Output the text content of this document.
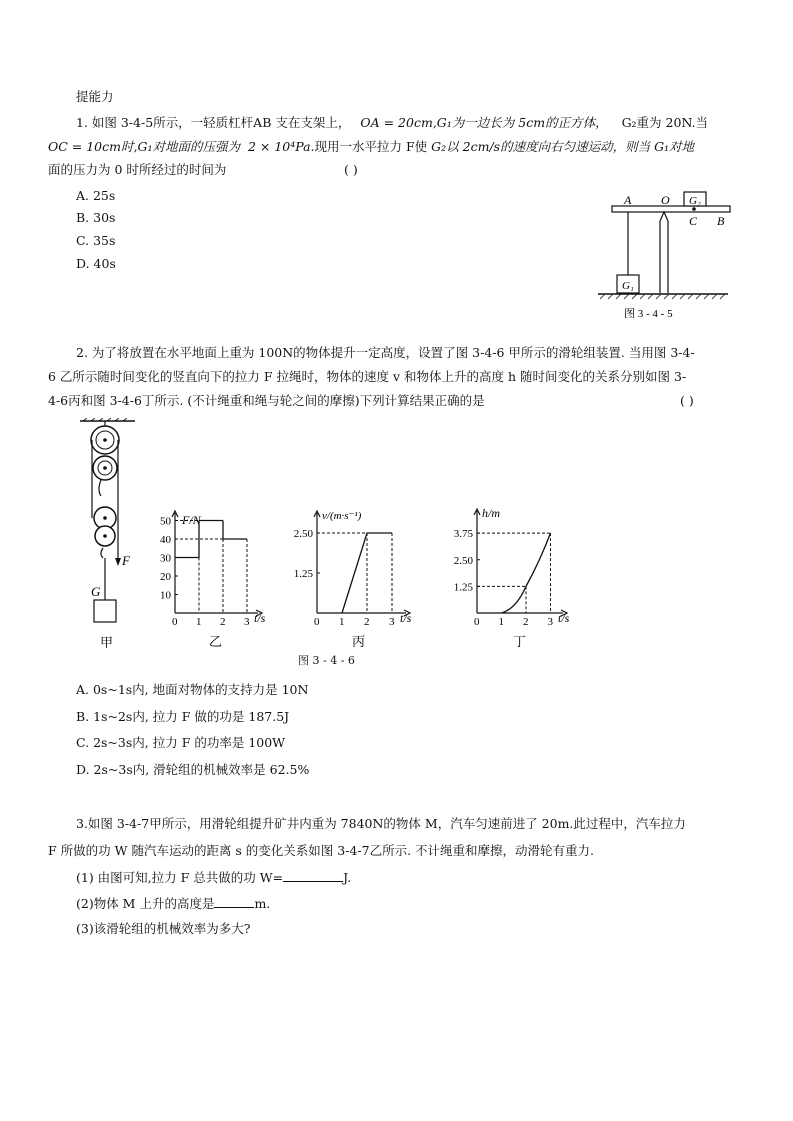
提能力
1. 如图 3-4-5所示，一轻质杠杆AB 支在支架上， OA = 20cm,G₁为一边长为 5cm的正方体， G₂重为 20N.当
OC = 10cm时,G₁对地面的压强为 2 × 10⁴Pa.现用一水平拉力 F使 G₂以 2cm/s的速度向右匀速运动，则当 G₁对地
面的压力为 0 时所经过的时间为	( )
A. 25s
B. 30s
C. 35s
D. 40s
G₂
A O
C B
G₁
图 3 - 4 - 5
2. 为了将放置在水平地面上重为 100N的物体提升一定高度，设置了图 3-4-6 甲所示的滑轮组装置. 当用图 3-4-
6 乙所示随时间变化的竖直向下的拉力 F 拉绳时，物体的速度 v 和物体上升的高度 h 随时间变化的关系分别如图 3-
4-6丙和图 3-4-6丁所示. (不计绳重和绳与轮之间的摩擦)下列计算结果正确的是	( )
F
G
甲
F/N
t/s
0 1 2 3
10
20
30
40
50
乙
v/(m·s⁻¹)
t/s
0 1 2 3
1.25
2.50
丙
h/m
t/s
0 1 2 3
1.25
2.50
3.75
丁
图 3 - 4 - 6
A. 0s~1s内, 地面对物体的支持力是 10N
B. 1s~2s内, 拉力 F 做的功是 187.5J
C. 2s~3s内, 拉力 F 的功率是 100W
D. 2s~3s内, 滑轮组的机械效率是 62.5%
3.如图 3-4-7甲所示，用滑轮组提升矿井内重为 7840N的物体 M，汽车匀速前进了 20m.此过程中，汽车拉力
F 所做的功 W 随汽车运动的距离 s 的变化关系如图 3-4-7乙所示. 不计绳重和摩擦，动滑轮有重力.
(1) 由图可知,拉力 F 总共做的功 W=	J.
(2)物体 M 上升的高度是	m.
(3)该滑轮组的机械效率为多大?
